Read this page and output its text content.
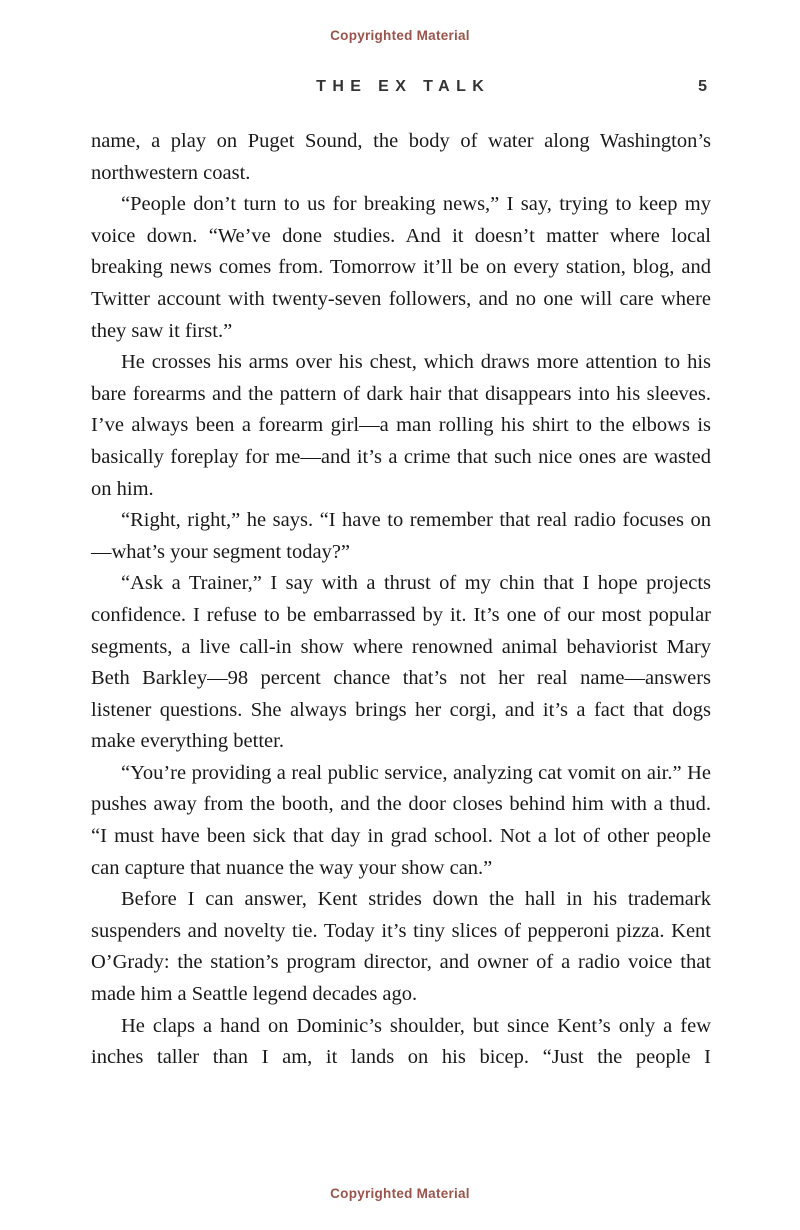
Copyrighted Material
THE EX TALK	5

name, a play on Puget Sound, the body of water along Washington’s northwestern coast.

“People don’t turn to us for breaking news,” I say, trying to keep my voice down. “We’ve done studies. And it doesn’t matter where local breaking news comes from. Tomorrow it’ll be on every station, blog, and Twitter account with twenty-seven followers, and no one will care where they saw it first.”

He crosses his arms over his chest, which draws more attention to his bare forearms and the pattern of dark hair that disappears into his sleeves. I’ve always been a forearm girl—a man rolling his shirt to the elbows is basically foreplay for me—and it’s a crime that such nice ones are wasted on him.

“Right, right,” he says. “I have to remember that real radio focuses on—what’s your segment today?”

“Ask a Trainer,” I say with a thrust of my chin that I hope projects confidence. I refuse to be embarrassed by it. It’s one of our most popular segments, a live call-in show where renowned animal behaviorist Mary Beth Barkley—98 percent chance that’s not her real name—answers listener questions. She always brings her corgi, and it’s a fact that dogs make everything better.

“You’re providing a real public service, analyzing cat vomit on air.” He pushes away from the booth, and the door closes behind him with a thud. “I must have been sick that day in grad school. Not a lot of other people can capture that nuance the way your show can.”

Before I can answer, Kent strides down the hall in his trademark suspenders and novelty tie. Today it’s tiny slices of pepperoni pizza. Kent O’Grady: the station’s program director, and owner of a radio voice that made him a Seattle legend decades ago.

He claps a hand on Dominic’s shoulder, but since Kent’s only a few inches taller than I am, it lands on his bicep. “Just the people I

Copyrighted Material
